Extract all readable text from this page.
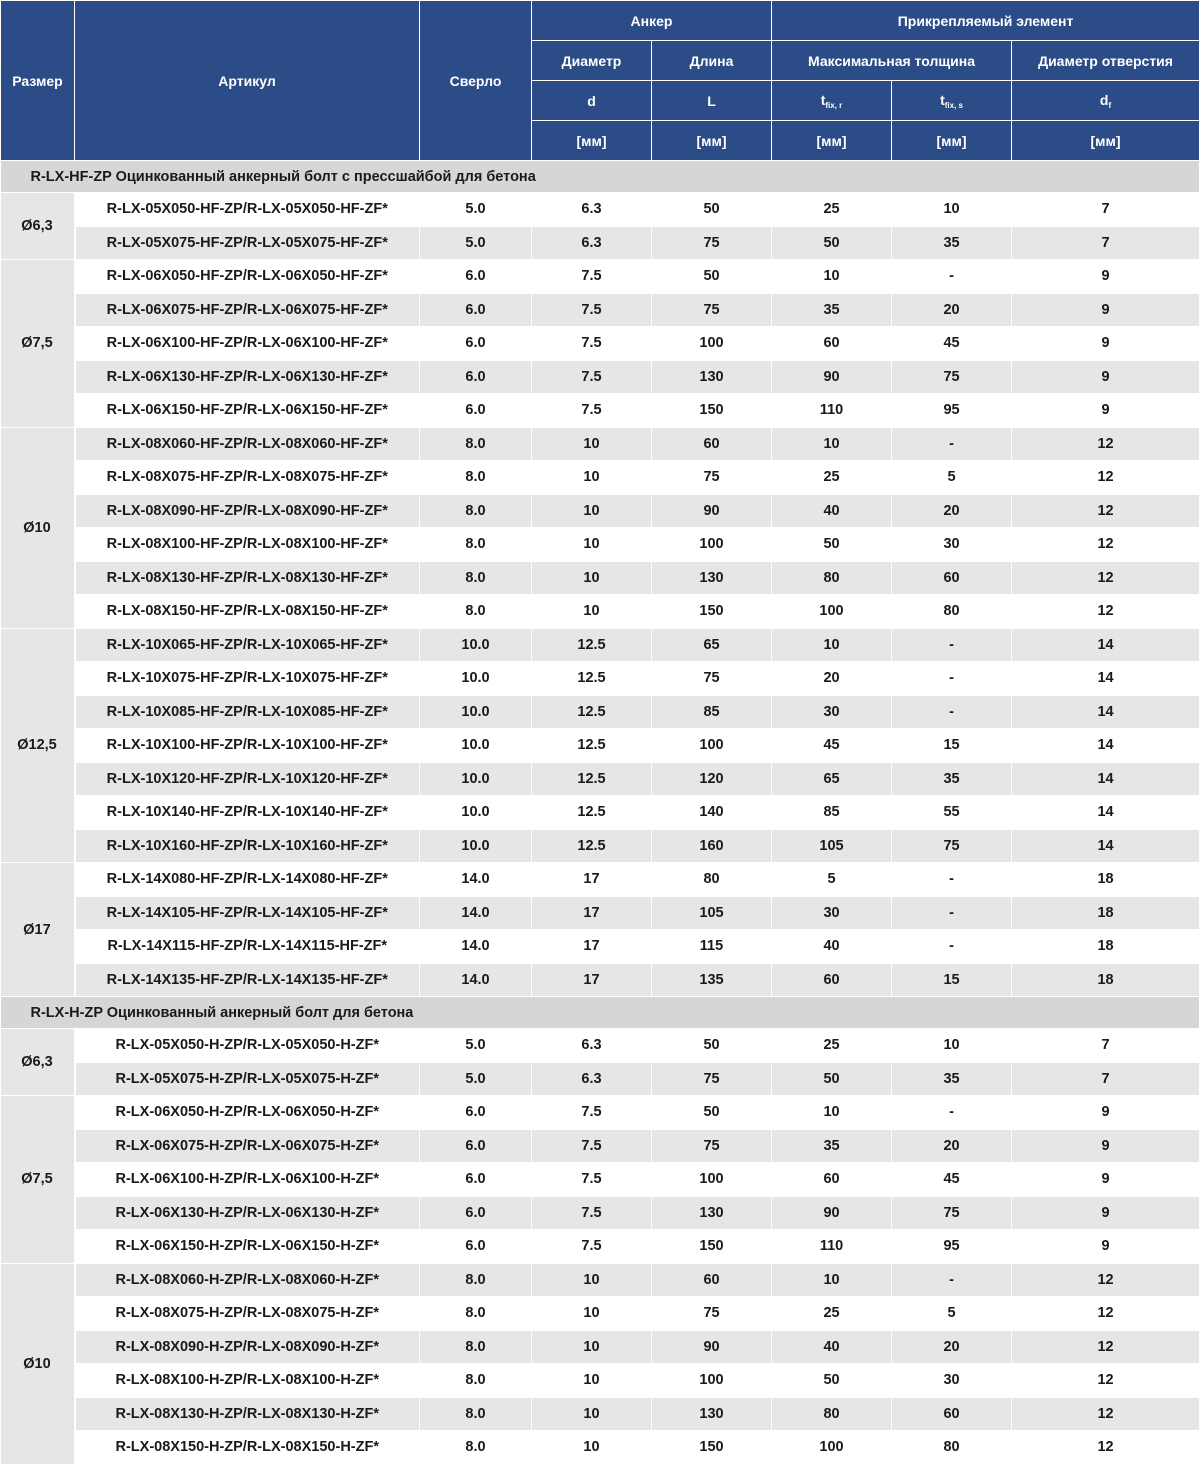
Размер	Артикул	Сверло	Анкер		Прикрепляемый элемент		
			Диаметр	Длина	Максимальная толщина		Диаметр отверстия
			d	L	$t_{fix, r}$	$t_{fix, s}$	$d_f$
			[мм]	[мм]	[мм]	[мм]	[мм]
R-LX-HF-ZP Оцинкованный анкерный болт с прессшайбой для бетона							
Ø6,3	R-LX-05X050-HF-ZP/R-LX-05X050-HF-ZF*	5.0	6.3	50	25	10	7
	R-LX-05X075-HF-ZP/R-LX-05X075-HF-ZF*	5.0	6.3	75	50	35	7
Ø7,5	R-LX-06X050-HF-ZP/R-LX-06X050-HF-ZF*	6.0	7.5	50	10	-	9
	R-LX-06X075-HF-ZP/R-LX-06X075-HF-ZF*	6.0	7.5	75	35	20	9
	R-LX-06X100-HF-ZP/R-LX-06X100-HF-ZF*	6.0	7.5	100	60	45	9
	R-LX-06X130-HF-ZP/R-LX-06X130-HF-ZF*	6.0	7.5	130	90	75	9
	R-LX-06X150-HF-ZP/R-LX-06X150-HF-ZF*	6.0	7.5	150	110	95	9
Ø10	R-LX-08X060-HF-ZP/R-LX-08X060-HF-ZF*	8.0	10	60	10	-	12
	R-LX-08X075-HF-ZP/R-LX-08X075-HF-ZF*	8.0	10	75	25	5	12
	R-LX-08X090-HF-ZP/R-LX-08X090-HF-ZF*	8.0	10	90	40	20	12
	R-LX-08X100-HF-ZP/R-LX-08X100-HF-ZF*	8.0	10	100	50	30	12
	R-LX-08X130-HF-ZP/R-LX-08X130-HF-ZF*	8.0	10	130	80	60	12
	R-LX-08X150-HF-ZP/R-LX-08X150-HF-ZF*	8.0	10	150	100	80	12
Ø12,5	R-LX-10X065-HF-ZP/R-LX-10X065-HF-ZF*	10.0	12.5	65	10	-	14
	R-LX-10X075-HF-ZP/R-LX-10X075-HF-ZF*	10.0	12.5	75	20	-	14
	R-LX-10X085-HF-ZP/R-LX-10X085-HF-ZF*	10.0	12.5	85	30	-	14
	R-LX-10X100-HF-ZP/R-LX-10X100-HF-ZF*	10.0	12.5	100	45	15	14
	R-LX-10X120-HF-ZP/R-LX-10X120-HF-ZF*	10.0	12.5	120	65	35	14
	R-LX-10X140-HF-ZP/R-LX-10X140-HF-ZF*	10.0	12.5	140	85	55	14
	R-LX-10X160-HF-ZP/R-LX-10X160-HF-ZF*	10.0	12.5	160	105	75	14
Ø17	R-LX-14X080-HF-ZP/R-LX-14X080-HF-ZF*	14.0	17	80	5	-	18
	R-LX-14X105-HF-ZP/R-LX-14X105-HF-ZF*	14.0	17	105	30	-	18
	R-LX-14X115-HF-ZP/R-LX-14X115-HF-ZF*	14.0	17	115	40	-	18
	R-LX-14X135-HF-ZP/R-LX-14X135-HF-ZF*	14.0	17	135	60	15	18
R-LX-H-ZP Оцинкованный анкерный болт для бетона							
Ø6,3	R-LX-05X050-H-ZP/R-LX-05X050-H-ZF*	5.0	6.3	50	25	10	7
	R-LX-05X075-H-ZP/R-LX-05X075-H-ZF*	5.0	6.3	75	50	35	7
Ø7,5	R-LX-06X050-H-ZP/R-LX-06X050-H-ZF*	6.0	7.5	50	10	-	9
	R-LX-06X075-H-ZP/R-LX-06X075-H-ZF*	6.0	7.5	75	35	20	9
	R-LX-06X100-H-ZP/R-LX-06X100-H-ZF*	6.0	7.5	100	60	45	9
	R-LX-06X130-H-ZP/R-LX-06X130-H-ZF*	6.0	7.5	130	90	75	9
	R-LX-06X150-H-ZP/R-LX-06X150-H-ZF*	6.0	7.5	150	110	95	9
Ø10	R-LX-08X060-H-ZP/R-LX-08X060-H-ZF*	8.0	10	60	10	-	12
	R-LX-08X075-H-ZP/R-LX-08X075-H-ZF*	8.0	10	75	25	5	12
	R-LX-08X090-H-ZP/R-LX-08X090-H-ZF*	8.0	10	90	40	20	12
	R-LX-08X100-H-ZP/R-LX-08X100-H-ZF*	8.0	10	100	50	30	12
	R-LX-08X130-H-ZP/R-LX-08X130-H-ZF*	8.0	10	130	80	60	12
	R-LX-08X150-H-ZP/R-LX-08X150-H-ZF*	8.0	10	150	100	80	12
